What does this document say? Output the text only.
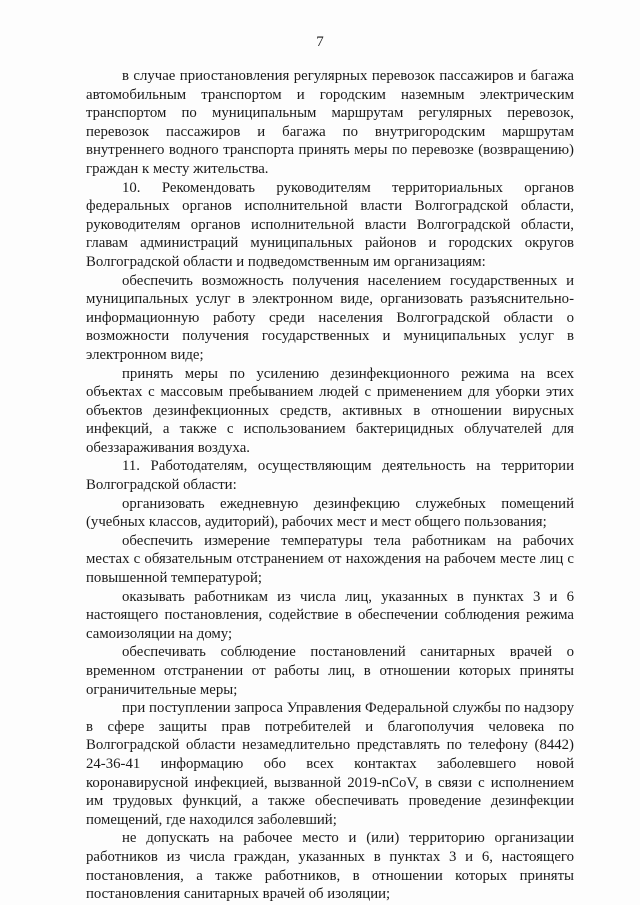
7

в случае приостановления регулярных перевозок пассажиров и багажа автомобильным транспортом и городским наземным электрическим транспортом по муниципальным маршрутам регулярных перевозок, перевозок пассажиров и багажа по внутригородским маршрутам внутреннего водного транспорта принять меры по перевозке (возвращению) граждан к месту жительства.

10. Рекомендовать руководителям территориальных органов федеральных органов исполнительной власти Волгоградской области, руководителям органов исполнительной власти Волгоградской области, главам администраций муниципальных районов и городских округов Волгоградской области и подведомственным им организациям:

обеспечить возможность получения населением государственных и муниципальных услуг в электронном виде, организовать разъяснительно-информационную работу среди населения Волгоградской области о возможности получения государственных и муниципальных услуг в электронном виде;

принять меры по усилению дезинфекционного режима на всех объектах с массовым пребыванием людей с применением для уборки этих объектов дезинфекционных средств, активных в отношении вирусных инфекций, а также с использованием бактерицидных облучателей для обеззараживания воздуха.

11. Работодателям, осуществляющим деятельность на территории Волгоградской области:

организовать ежедневную дезинфекцию служебных помещений (учебных классов, аудиторий), рабочих мест и мест общего пользования;

обеспечить измерение температуры тела работникам на рабочих местах с обязательным отстранением от нахождения на рабочем месте лиц с повышенной температурой;

оказывать работникам из числа лиц, указанных в пунктах 3 и 6 настоящего постановления, содействие в обеспечении соблюдения режима самоизоляции на дому;

обеспечивать соблюдение постановлений санитарных врачей о временном отстранении от работы лиц, в отношении которых приняты ограничительные меры;

при поступлении запроса Управления Федеральной службы по надзору в сфере защиты прав потребителей и благополучия человека по Волгоградской области незамедлительно представлять по телефону (8442) 24-36-41 информацию обо всех контактах заболевшего новой коронавирусной инфекцией, вызванной 2019-nCoV, в связи с исполнением им трудовых функций, а также обеспечивать проведение дезинфекции помещений, где находился заболевший;

не допускать на рабочее место и (или) территорию организации работников из числа граждан, указанных в пунктах 3 и 6, настоящего постановления, а также работников, в отношении которых приняты постановления санитарных врачей об изоляции;
